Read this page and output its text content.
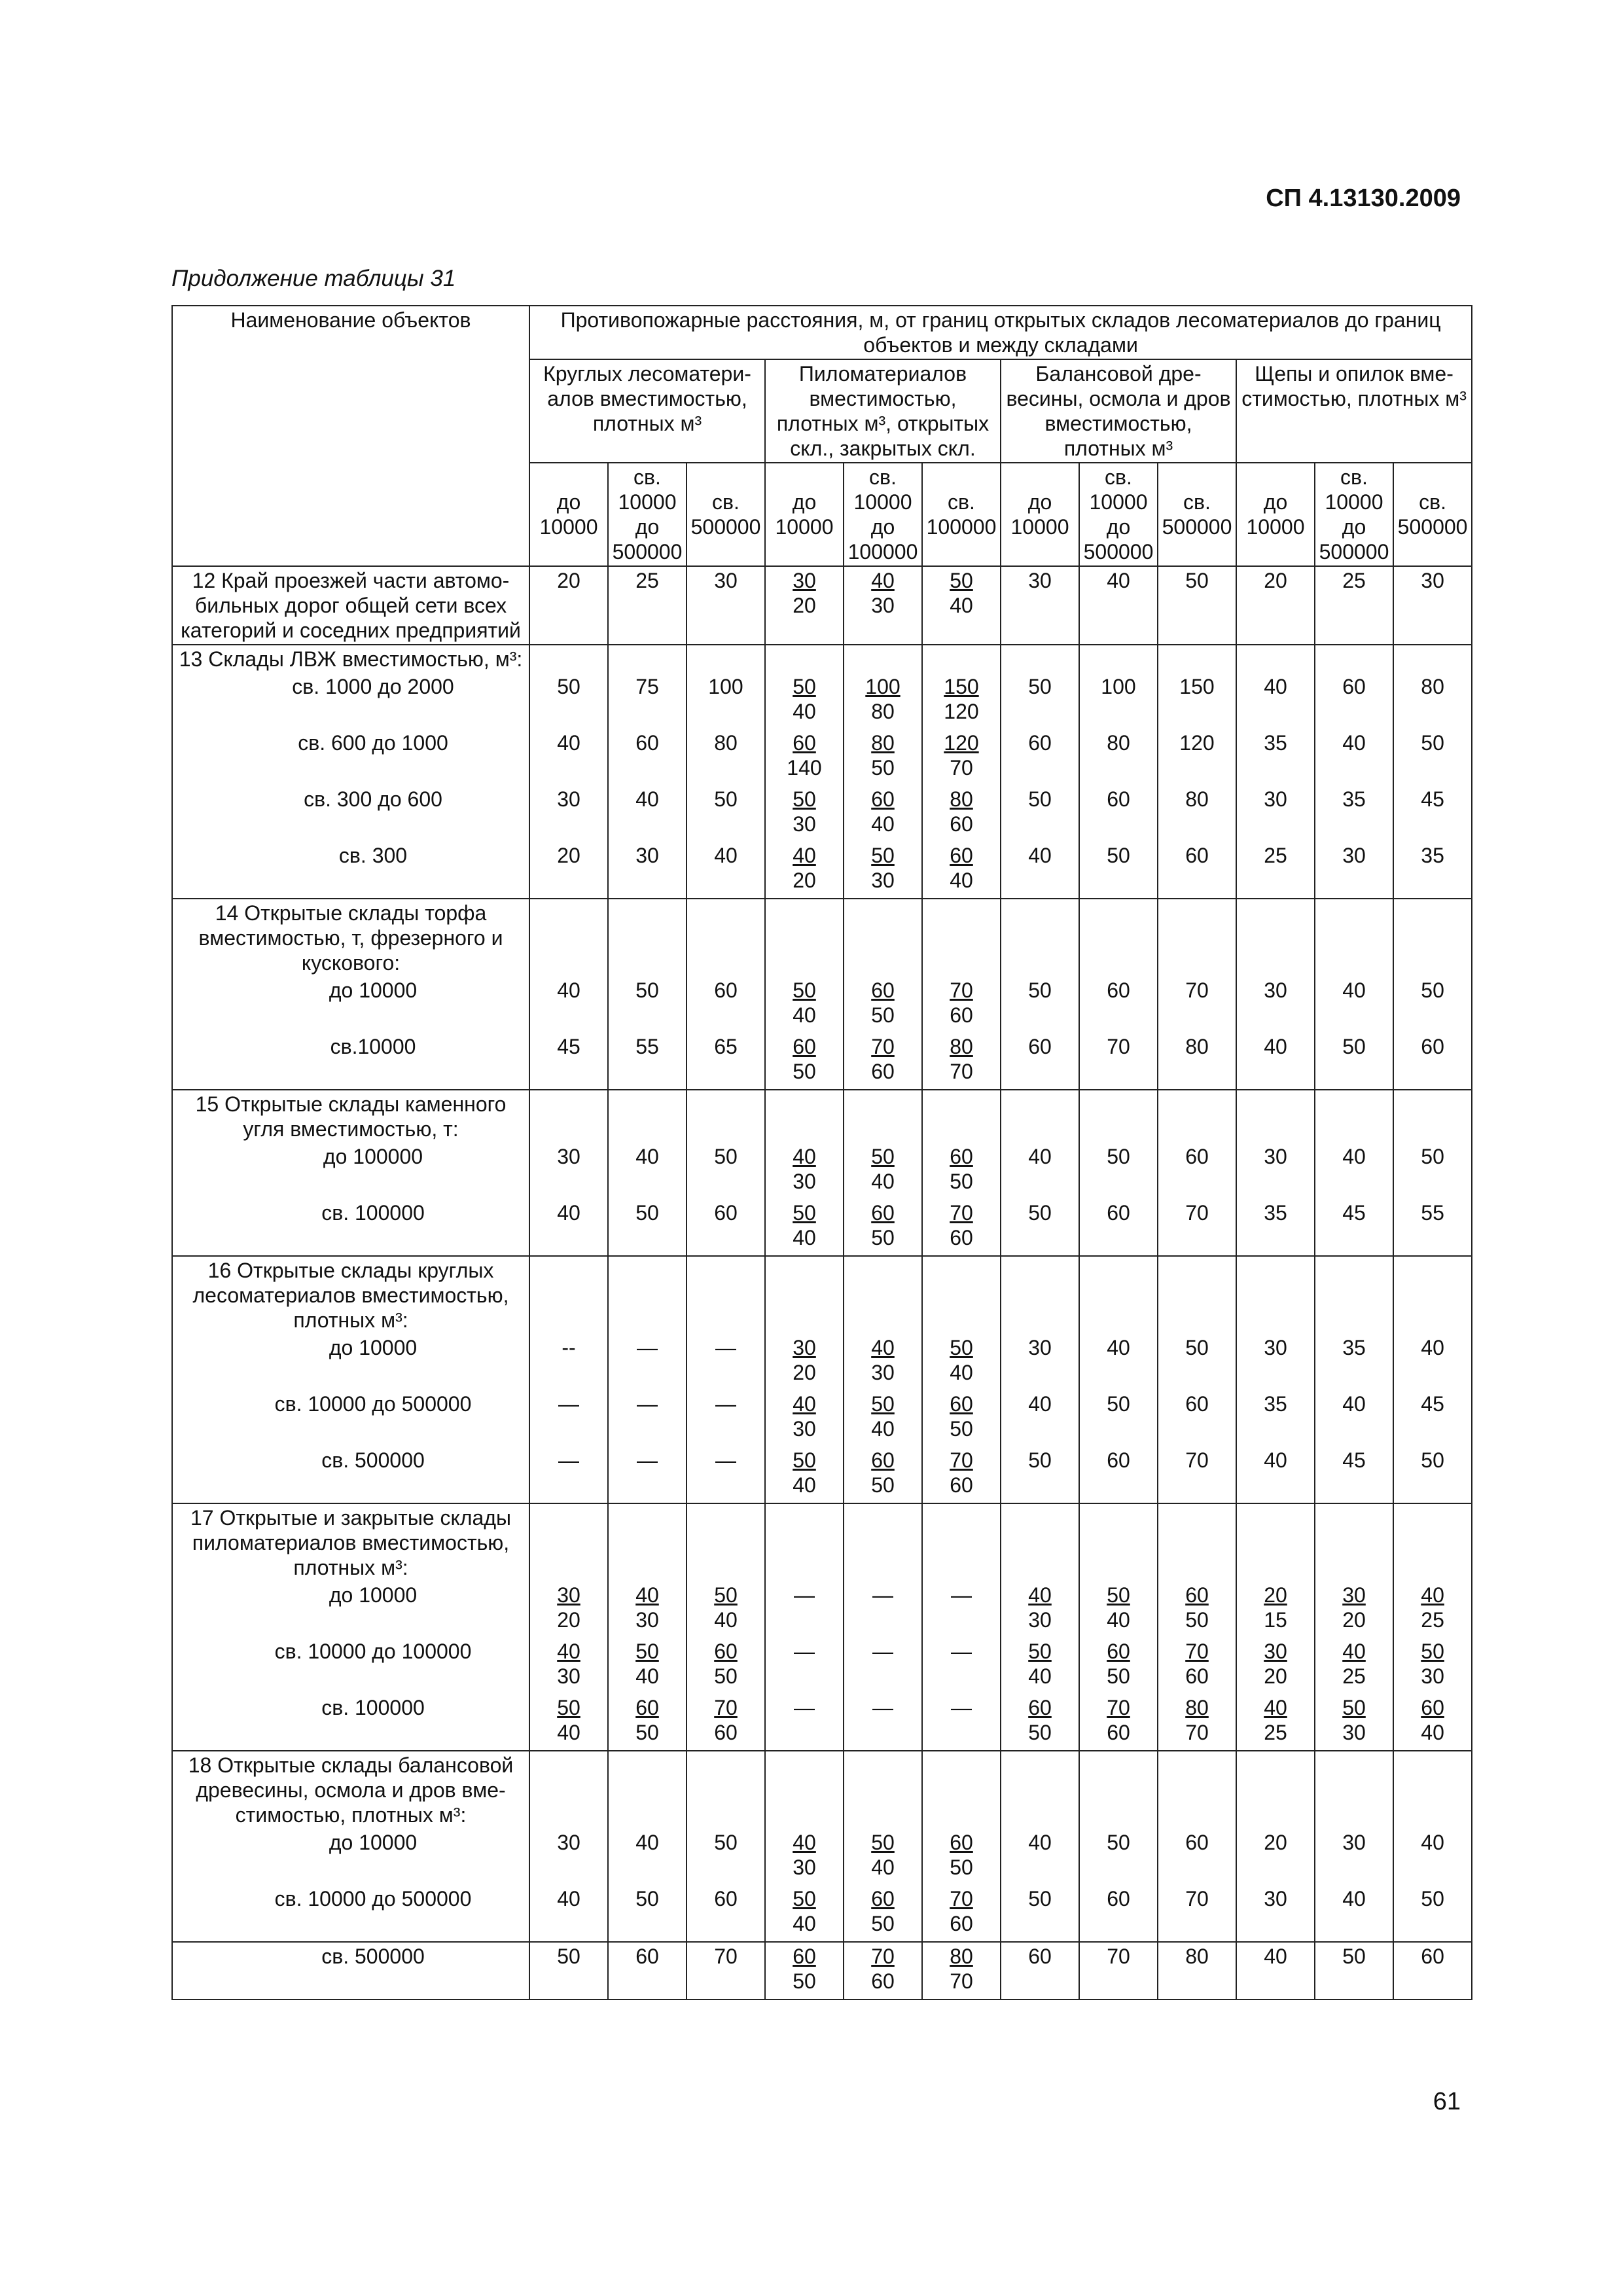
СП 4.13130.2009
Придолжение таблицы 31
Наименование объектов	Противопожарные расстояния, м, от границ открытых складов лесоматериалов до границ объектов и между складами											
	Круглых лесоматери-алов вместимостью, плотных м³			Пиломатериалов вместимостью, плотных м³, открытых скл., закрытых скл.			Балансовой дре-весины, осмола и дров вместимостью, плотных м³			Щепы и опилок вме-стимостью, плотных м³		
	до 10000	св. 10000 до 500000	св. 500000	до 10000	св. 10000 до 100000	св. 100000	до 10000	св. 10000 до 500000	св. 500000	до 10000	св. 10000 до 500000	св. 500000
12 Край проезжей части автомо-бильных дорог общей сети всех категорий и соседних предприятий	20	25	30	$\frac{30}{20}$	$\frac{40}{30}$	$\frac{50}{40}$	30	40	50	20	25	30
13 Склады ЛВЖ вместимостью, м³:												
св. 1000 до 2000	50	75	100	$\frac{50}{40}$	$\frac{100}{80}$	$\frac{150}{120}$	50	100	150	40	60	80
св. 600 до 1000	40	60	80	$\frac{60}{140}$	$\frac{80}{50}$	$\frac{120}{70}$	60	80	120	35	40	50
св. 300 до 600	30	40	50	$\frac{50}{30}$	$\frac{60}{40}$	$\frac{80}{60}$	50	60	80	30	35	45
св. 300	20	30	40	$\frac{40}{20}$	$\frac{50}{30}$	$\frac{60}{40}$	40	50	60	25	30	35
14 Открытые склады торфа вместимостью, т, фрезерного и кускового:												
до 10000	40	50	60	$\frac{50}{40}$	$\frac{60}{50}$	$\frac{70}{60}$	50	60	70	30	40	50
св.10000	45	55	65	$\frac{60}{50}$	$\frac{70}{60}$	$\frac{80}{70}$	60	70	80	40	50	60
15 Открытые склады каменного угля вместимостью, т:												
до 100000	30	40	50	$\frac{40}{30}$	$\frac{50}{40}$	$\frac{60}{50}$	40	50	60	30	40	50
св. 100000	40	50	60	$\frac{50}{40}$	$\frac{60}{50}$	$\frac{70}{60}$	50	60	70	35	45	55
16 Открытые склады круглых лесоматериалов вместимостью, плотных м³:												
до 10000	--	—	—	$\frac{30}{20}$	$\frac{40}{30}$	$\frac{50}{40}$	30	40	50	30	35	40
св. 10000 до 500000	—	—	—	$\frac{40}{30}$	$\frac{50}{40}$	$\frac{60}{50}$	40	50	60	35	40	45
св. 500000	—	—	—	$\frac{50}{40}$	$\frac{60}{50}$	$\frac{70}{60}$	50	60	70	40	45	50
17 Открытые и закрытые склады пиломатериалов вместимостью, плотных м³:												
до 10000	$\frac{30}{20}$	$\frac{40}{30}$	$\frac{50}{40}$	—	—	—	$\frac{40}{30}$	$\frac{50}{40}$	$\frac{60}{50}$	$\frac{20}{15}$	$\frac{30}{20}$	$\frac{40}{25}$

св. 10000 до 100000	$\frac{40}{30}$	$\frac{50}{40}$	$\frac{60}{50}$	—	—	—	$\frac{50}{40}$	$\frac{60}{50}$	$\frac{70}{60}$	$\frac{30}{20}$	$\frac{40}{25}$	$\frac{50}{30}$

св. 100000	$\frac{50}{40}$	$\frac{60}{50}$	$\frac{70}{60}$	—	—	—	$\frac{60}{50}$	$\frac{70}{60}$	$\frac{80}{70}$	$\frac{40}{25}$	$\frac{50}{30}$	$\frac{60}{40}$

18 Открытые склады балансовой древесины, осмола и дров вме-стимостью, плотных м³:												
до 10000	30	40	50	$\frac{40}{30}$	$\frac{50}{40}$	$\frac{60}{50}$	40	50	60	20	30	40
св. 10000 до 500000	40	50	60	$\frac{50}{40}$	$\frac{60}{50}$	$\frac{70}{60}$	50	60	70	30	40	50
св. 500000	50	60	70	$\frac{60}{50}$	$\frac{70}{60}$	$\frac{80}{70}$	60	70	80	40	50	60
61
